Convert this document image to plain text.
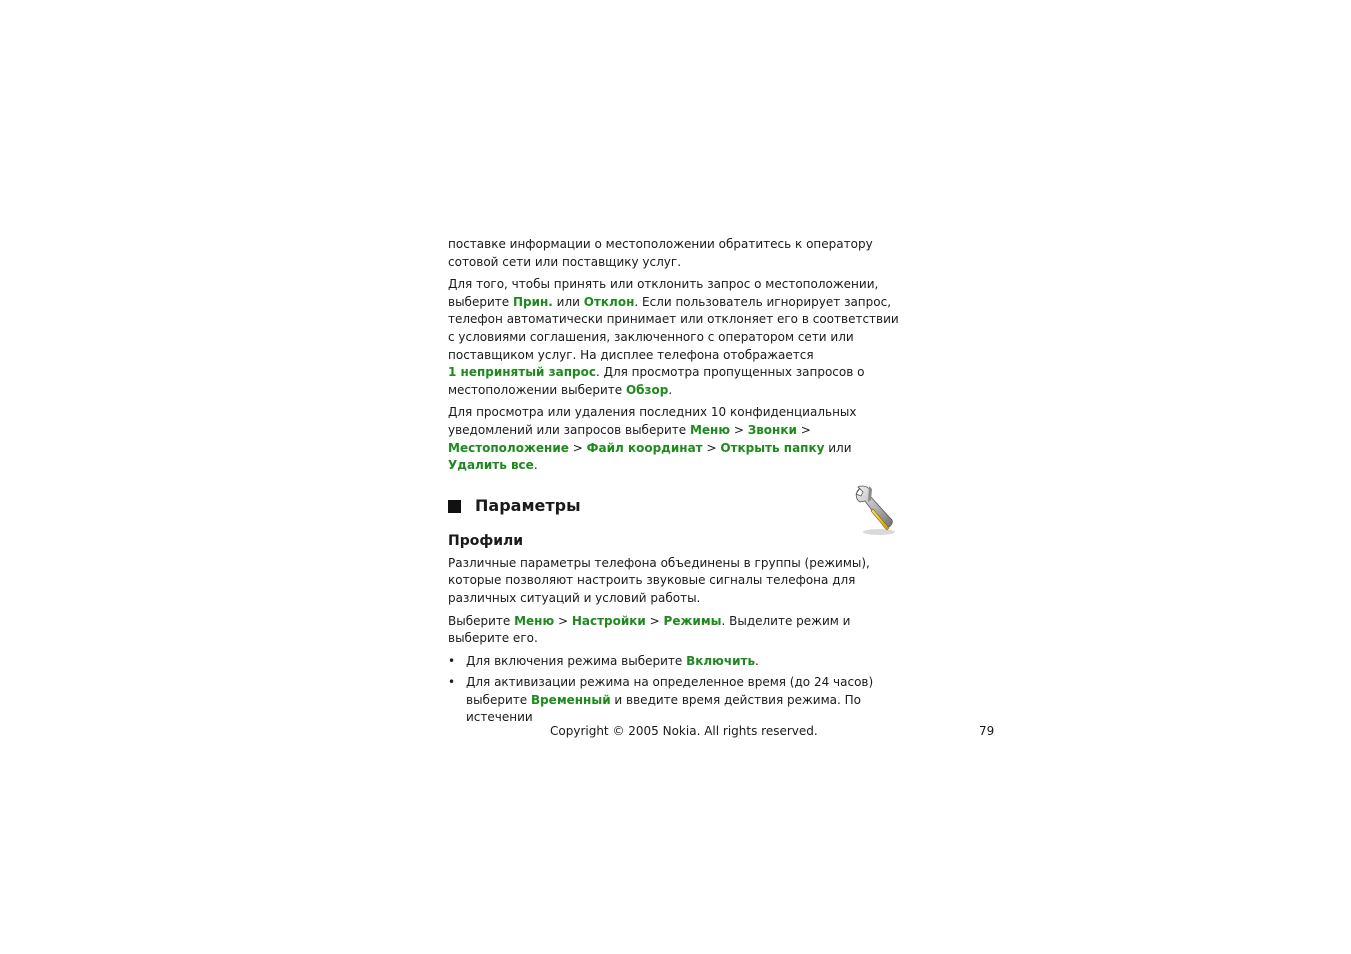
поставке информации о местоположении обратитесь к оператору сотовой сети или поставщику услуг.

Для того, чтобы принять или отклонить запрос о местоположении, выберите Прин. или Отклон. Если пользователь игнорирует запрос, телефон автоматически принимает или отклоняет его в соответствии с условиями соглашения, заключенного с оператором сети или поставщиком услуг. На дисплее телефона отображается
1 непринятый запрос. Для просмотра пропущенных запросов о местоположении выберите Обзор.

Для просмотра или удаления последних 10 конфиденциальных уведомлений или запросов выберите Меню > Звонки > Местоположение > Файл координат > Открыть папку или Удалить все.

Параметры
Профили

Различные параметры телефона объединены в группы (режимы), которые позволяют настроить звуковые сигналы телефона для различных ситуаций и условий работы.

Выберите Меню > Настройки > Режимы. Выделите режим и выберите его.

• Для включения режима выберите Включить.
• Для активизации режима на определенное время (до 24 часов) выберите Временный и введите время действия режима. По истечении
Copyright © 2005 Nokia. All rights reserved.	79
